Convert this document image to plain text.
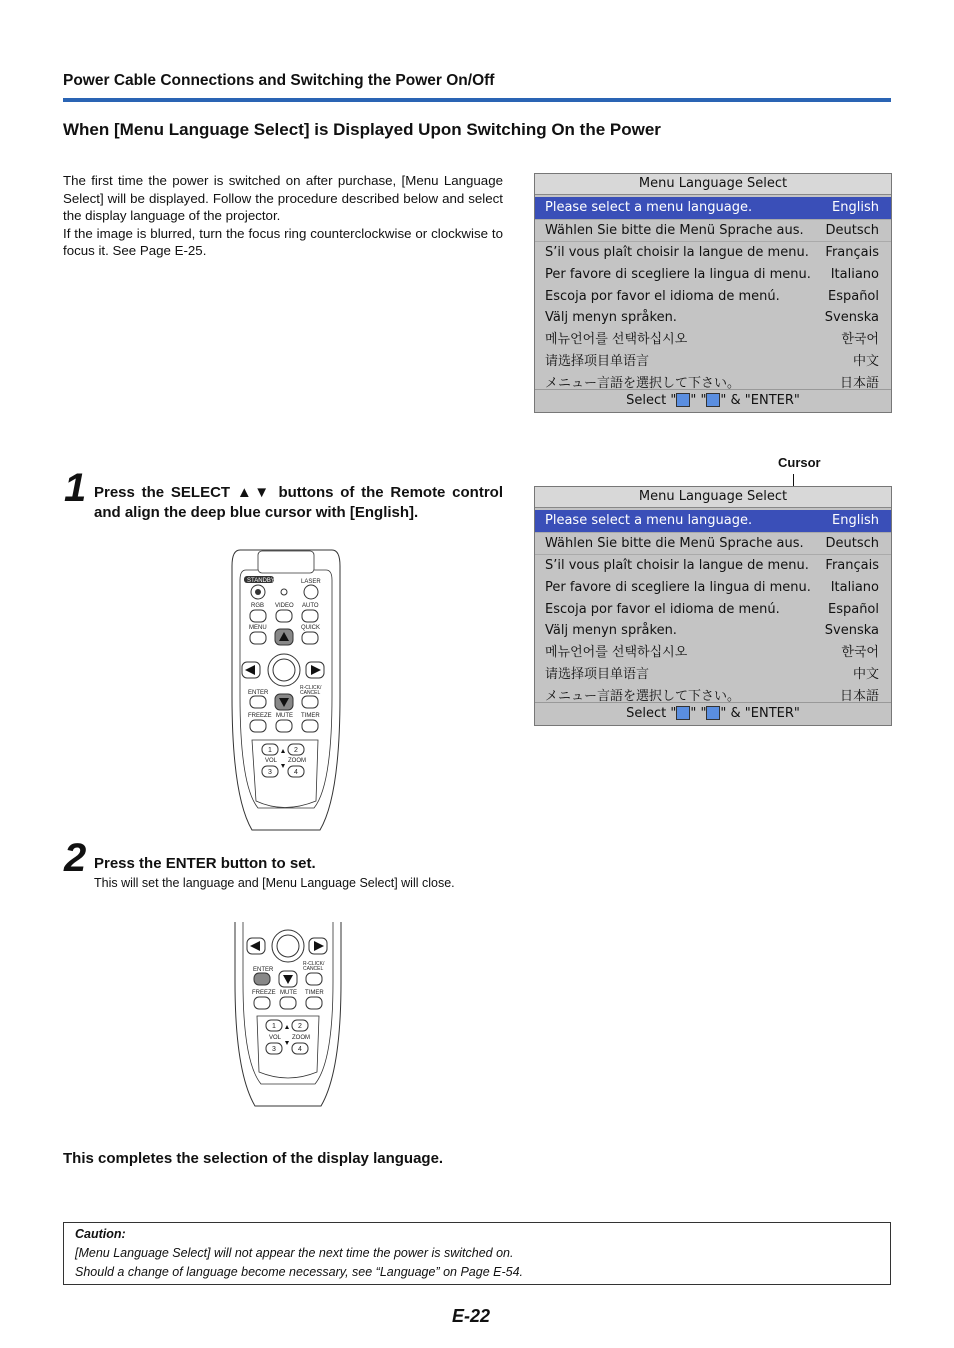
Power Cable Connections and Switching the Power On/Off
When [Menu Language Select] is Displayed Upon Switching On the Power

The first time the power is switched on after purchase, [Menu Language Select] will be displayed. Follow the procedure described below and select the display language of the projector.

If the image is blurred, turn the focus ring counterclockwise or clockwise to focus it. See Page E-25.

Menu Language Select
Please select a menu language.	English
Wählen Sie bitte die Menü Sprache aus. Deutsch
S’il vous plaît choisir la langue de menu. Français
Per favore di scegliere la lingua di menu. Italiano
Escoja por favor el idioma de menú.	Español
Välj menyn språken.	Svenska
메뉴언어를 선택하십시오	한국어
请选择项目单语言	中文
メニュー言語を選択して下さい。	日本語
Select " " " " & "ENTER"
1 Press the SELECT ▲▼ buttons of the Remote control and align the deep blue cursor with [English].
Cursor
Menu Language Select
Please select a menu language.	English
Wählen Sie bitte die Menü Sprache aus. Deutsch
S’il vous plaît choisir la langue de menu. Français
Per favore di scegliere la lingua di menu. Italiano
Escoja por favor el idioma de menú.	Español
Välj menyn språken.	Svenska
메뉴언어를 선택하십시오	한국어
请选择项目单语言	中文
メニュー言語を選択して下さい。	日本語
Select " " " " & "ENTER"
STANDBY	LASER
RGB VIDEO AUTO
MENU	QUICK
R-CLICK/
CANCEL
ENTER
FREEZE MUTE TIMER
1	2
VOL ZOOM
3	4
2 Press the ENTER button to set.
This will set the language and [Menu Language Select] will close.
R-CLICK/
CANCEL
ENTER
FREEZE MUTE TIMER
1	2
VOL ZOOM
3	4
This completes the selection of the display language.
Caution:
[Menu Language Select] will not appear the next time the power is switched on.
Should a change of language become necessary, see “Language” on Page E-54.
E-22
